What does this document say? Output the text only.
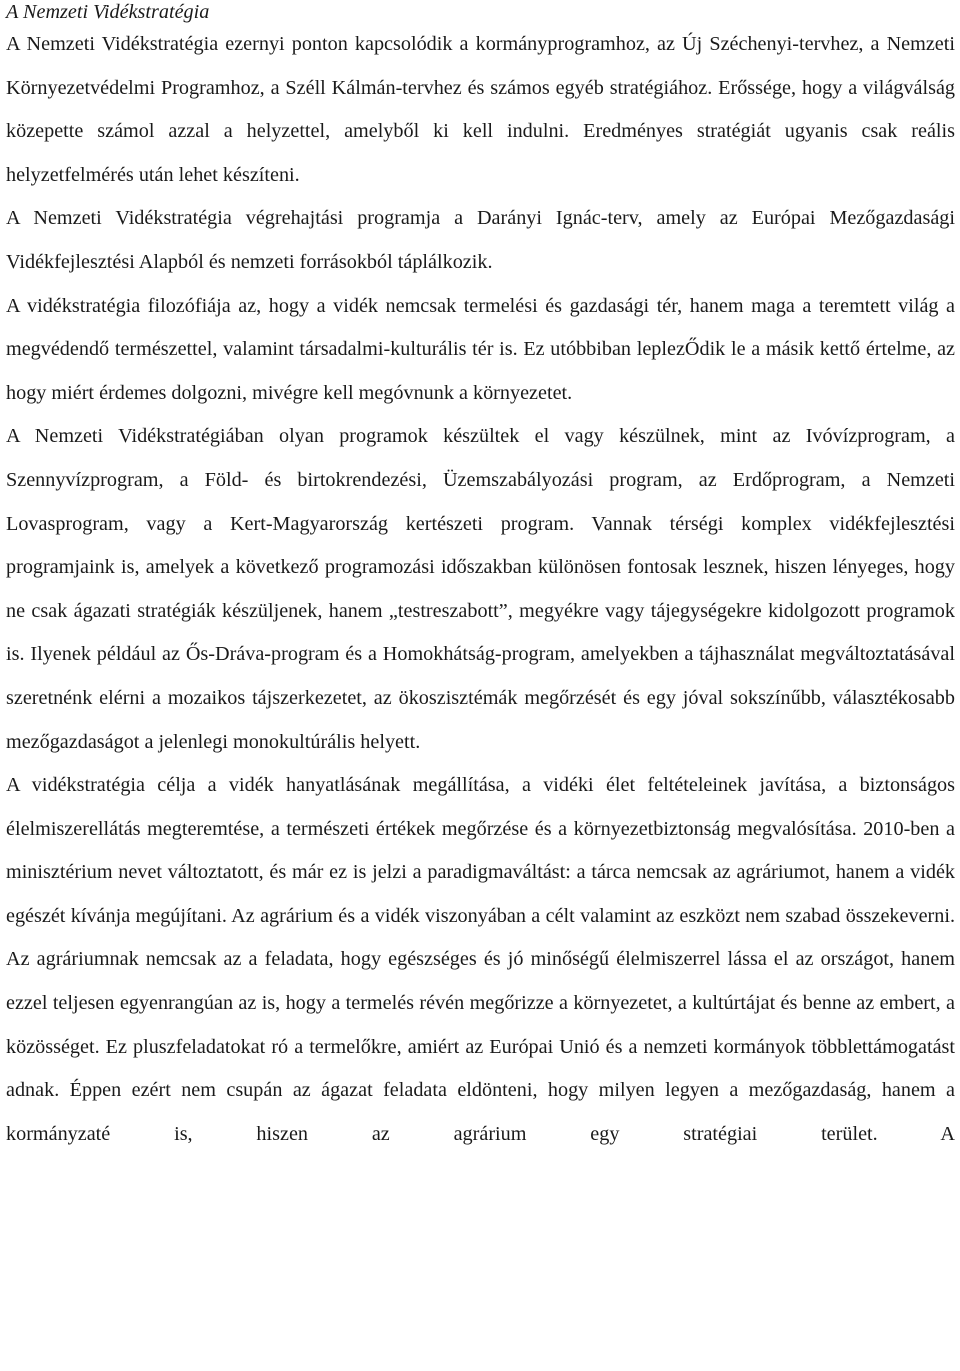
A Nemzeti Vidékstratégia

A Nemzeti Vidékstratégia ezernyi ponton kapcsolódik a kormányprogramhoz, az Új Széchenyi-tervhez, a Nemzeti Környezetvédelmi Programhoz, a Széll Kálmán-tervhez és számos egyéb stratégiához. Erőssége, hogy a világválság közepette számol azzal a helyzettel, amelyből ki kell indulni. Eredményes stratégiát ugyanis csak reális helyzetfelmérés után lehet készíteni.

A Nemzeti Vidékstratégia végrehajtási programja a Darányi Ignác-terv, amely az Európai Mezőgazdasági Vidékfejlesztési Alapból és nemzeti forrásokból táplálkozik.

A vidékstratégia filozófiája az, hogy a vidék nemcsak termelési és gazdasági tér, hanem maga a teremtett világ a megvédendő természettel, valamint társadalmi-kulturális tér is. Ez utóbbiban leplezŐdik le a másik kettő értelme, az hogy miért érdemes dolgozni, mivégre kell megóvnunk a környezetet.

A Nemzeti Vidékstratégiában olyan programok készültek el vagy készülnek, mint az Ivóvízprogram, a Szennyvízprogram, a Föld- és birtokrendezési, Üzemszabályozási program, az Erdőprogram, a Nemzeti Lovasprogram, vagy a Kert-Magyarország kertészeti program. Vannak térségi komplex vidékfejlesztési programjaink is, amelyek a következő programozási időszakban különösen fontosak lesznek, hiszen lényeges, hogy ne csak ágazati stratégiák készüljenek, hanem „testreszabott”, megyékre vagy tájegységekre kidolgozott programok is. Ilyenek például az Ős-Dráva-program és a Homokhátság-program, amelyekben a tájhasználat megváltoztatásával szeretnénk elérni a mozaikos tájszerkezetet, az ökoszisztémák megőrzését és egy jóval sokszínűbb, választékosabb mezőgazdaságot a jelenlegi monokultúrális helyett.

A vidékstratégia célja a vidék hanyatlásának megállítása, a vidéki élet feltételeinek javítása, a biztonságos élelmiszerellátás megteremtése, a természeti értékek megőrzése és a környezetbiztonság megvalósítása. 2010-ben a minisztérium nevet változtatott, és már ez is jelzi a paradigmaváltást: a tárca nemcsak az agráriumot, hanem a vidék egészét kívánja megújítani. Az agrárium és a vidék viszonyában a célt valamint az eszközt nem szabad összekeverni. Az agráriumnak nemcsak az a feladata, hogy egészséges és jó minőségű élelmiszerrel lássa el az országot, hanem ezzel teljesen egyenrangúan az is, hogy a termelés révén megőrizze a környezetet, a kultúrtájat és benne az embert, a közösséget. Ez pluszfeladatokat ró a termelőkre, amiért az Európai Unió és a nemzeti kormányok többlettámogatást adnak. Éppen ezért nem csupán az ágazat feladata eldönteni, hogy milyen legyen a mezőgazdaság, hanem a kormányzaté is, hiszen az agrárium egy stratégiai terület. A
